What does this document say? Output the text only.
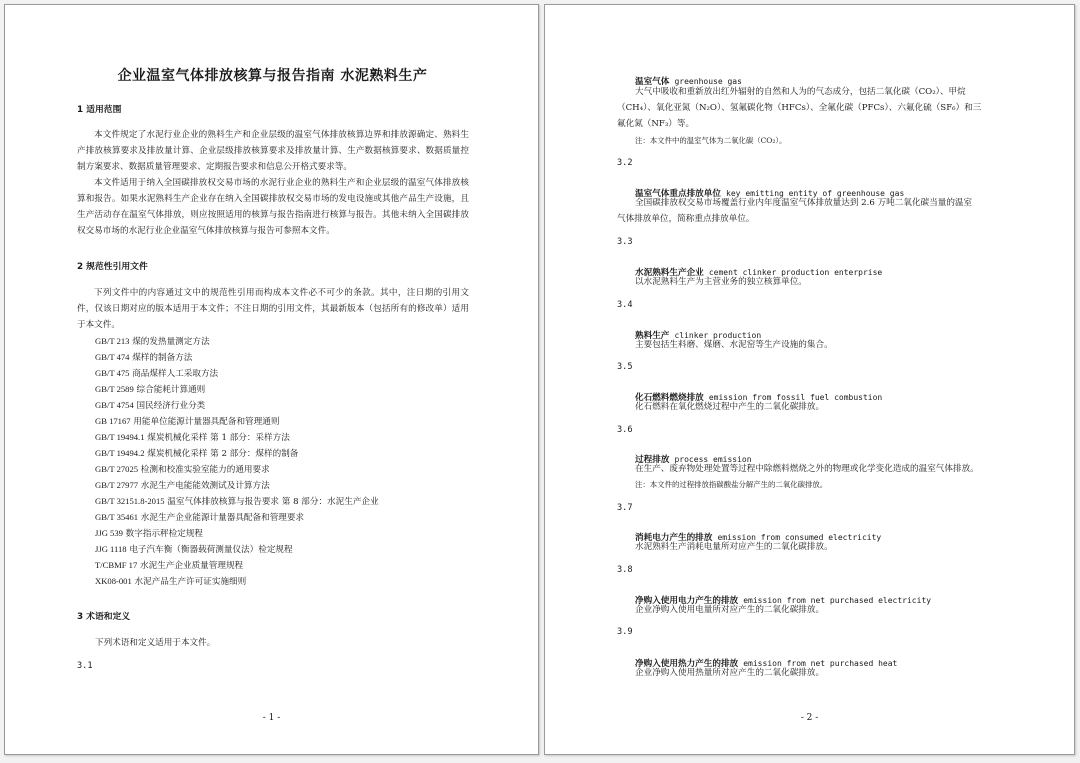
企业温室气体排放核算与报告指南 水泥熟料生产
1 适用范围
本文件规定了水泥行业企业的熟料生产和企业层级的温室气体排放核算边界和排放源确定、熟料生产排放核算要求及排放量计算、企业层级排放核算要求及排放量计算、生产数据核算要求、数据质量控制方案要求、数据质量管理要求、定期报告要求和信息公开格式要求等。
本文件适用于纳入全国碳排放权交易市场的水泥行业企业的熟料生产和企业层级的温室气体排放核算和报告。如果水泥熟料生产企业存在纳入全国碳排放权交易市场的发电设施或其他产品生产设施，且生产活动存在温室气体排放，则应按照适用的核算与报告指南进行核算与报告。其他未纳入全国碳排放权交易市场的水泥行业企业温室气体排放核算与报告可参照本文件。
2 规范性引用文件
下列文件中的内容通过文中的规范性引用而构成本文件必不可少的条款。其中，注日期的引用文件，仅该日期对应的版本适用于本文件；不注日期的引用文件，其最新版本（包括所有的修改单）适用于本文件。
GB/T 213 煤的发热量测定方法
GB/T 474 煤样的制备方法
GB/T 475 商品煤样人工采取方法
GB/T 2589 综合能耗计算通则
GB/T 4754 国民经济行业分类
GB 17167 用能单位能源计量器具配备和管理通则
GB/T 19494.1 煤炭机械化采样 第 1 部分：采样方法
GB/T 19494.2 煤炭机械化采样 第 2 部分：煤样的制备
GB/T 27025 检测和校准实验室能力的通用要求
GB/T 27977 水泥生产电能能效测试及计算方法
GB/T 32151.8-2015 温室气体排放核算与报告要求 第 8 部分：水泥生产企业
GB/T 35461 水泥生产企业能源计量器具配备和管理要求
JJG 539 数字指示秤检定规程
JJG 1118 电子汽车衡（衡器载荷测量仪法）检定规程
T/CBMF 17 水泥生产企业质量管理规程
XK08-001 水泥产品生产许可证实施细则
3 术语和定义
下列术语和定义适用于本文件。
3.1
- 1 -
温室气体 greenhouse gas
大气中吸收和重新放出红外辐射的自然和人为的气态成分，包括二氧化碳（CO₂）、甲烷
（CH₄）、氧化亚氮（N₂O）、氢氟碳化物（HFCs）、全氟化碳（PFCs）、六氟化硫（SF₆）和三
氟化氮（NF₃）等。
注：本文件中的温室气体为二氧化碳（CO₂）。
3.2
温室气体重点排放单位 key emitting entity of greenhouse gas
全国碳排放权交易市场覆盖行业内年度温室气体排放量达到 2.6 万吨二氧化碳当量的温室
气体排放单位，简称重点排放单位。
3.3
水泥熟料生产企业 cement clinker production enterprise
以水泥熟料生产为主营业务的独立核算单位。
3.4
熟料生产 clinker production
主要包括生料磨、煤磨、水泥窑等生产设施的集合。
3.5
化石燃料燃烧排放 emission from fossil fuel combustion
化石燃料在氧化燃烧过程中产生的二氧化碳排放。
3.6
过程排放 process emission
在生产、废弃物处理处置等过程中除燃料燃烧之外的物理或化学变化造成的温室气体排放。
注：本文件的过程排放指碳酸盐分解产生的二氧化碳排放。
3.7
消耗电力产生的排放 emission from consumed electricity
水泥熟料生产消耗电量所对应产生的二氧化碳排放。
3.8
净购入使用电力产生的排放 emission from net purchased electricity
企业净购入使用电量所对应产生的二氧化碳排放。
3.9
净购入使用热力产生的排放 emission from net purchased heat
企业净购入使用热量所对应产生的二氧化碳排放。
- 2 -
